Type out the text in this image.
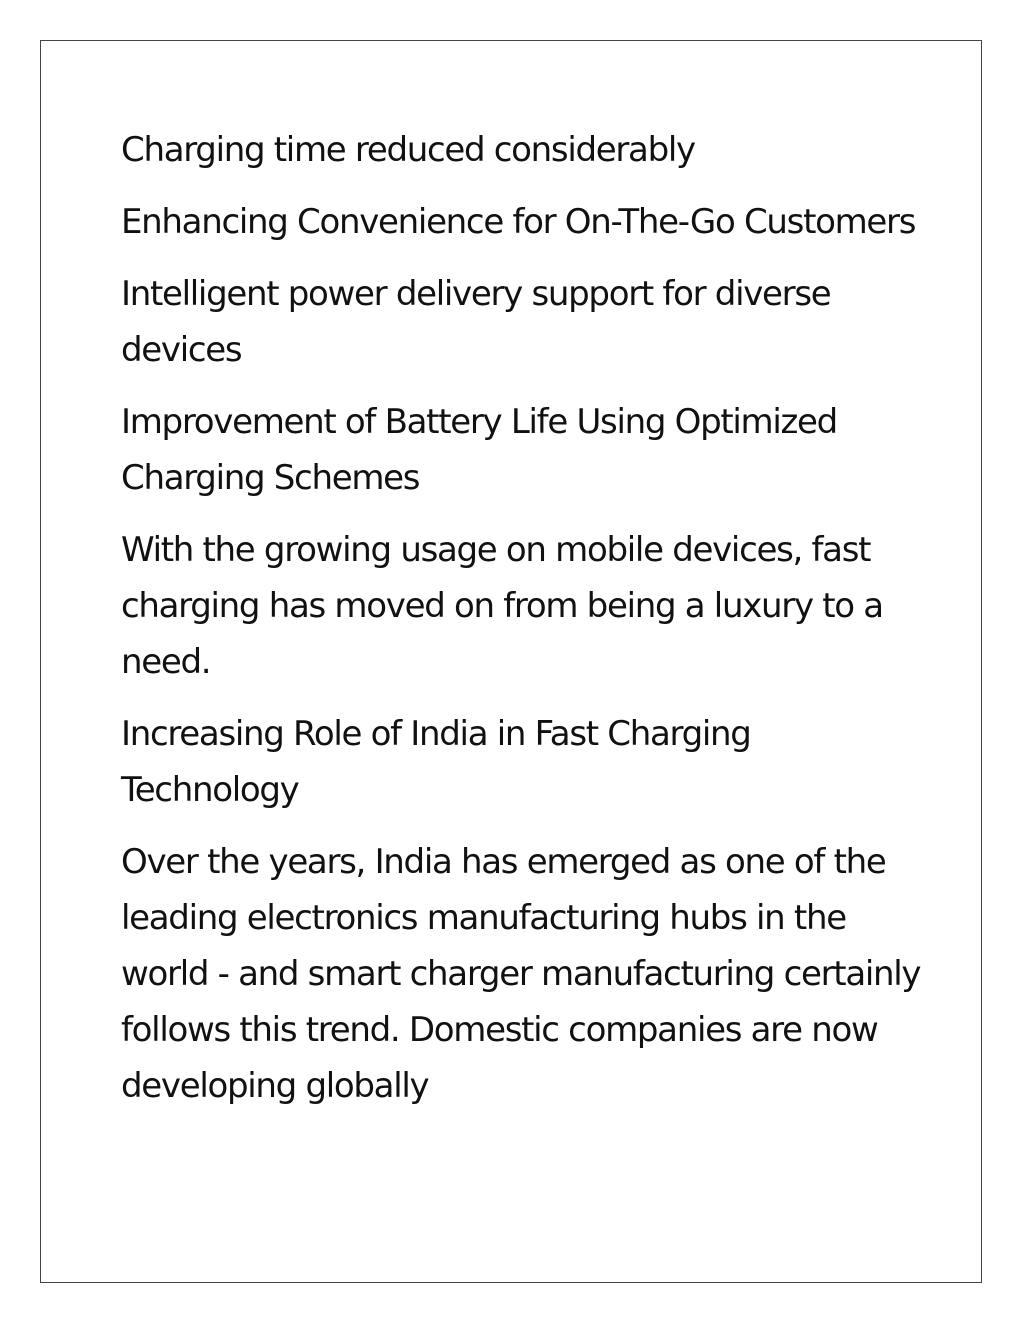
Charging time reduced considerably

Enhancing Convenience for On-The-Go Customers

Intelligent power delivery support for diverse devices

Improvement of Battery Life Using Optimized Charging Schemes

With the growing usage on mobile devices, fast charging has moved on from being a luxury to a need.

Increasing Role of India in Fast Charging Technology

Over the years, India has emerged as one of the leading electronics manufacturing hubs in the world - and smart charger manufacturing certainly follows this trend. Domestic companies are now developing globally
